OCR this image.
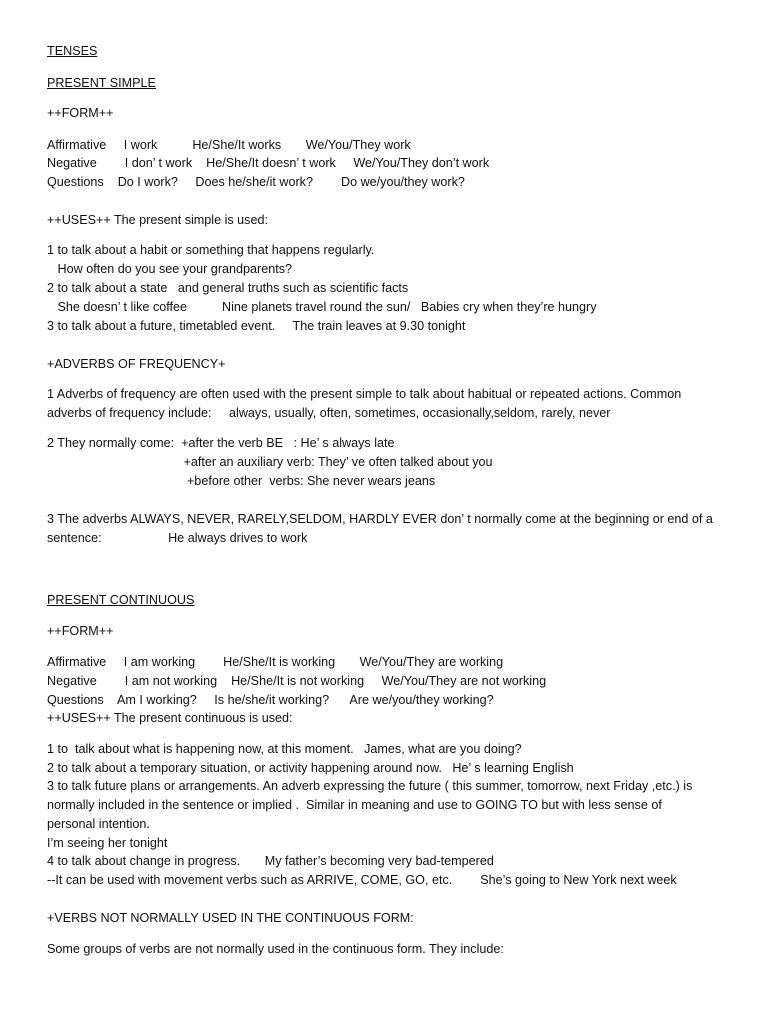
TENSES
PRESENT SIMPLE
++FORM++
Affirmative     I work          He/She/It works       We/You/They work
Negative        I don’ t work    He/She/It doesn’ t work     We/You/They don’t work
Questions    Do I work?     Does he/she/it work?        Do we/you/they work?
++USES++ The present simple is used:
1 to talk about a habit or something that happens regularly.
How often do you see your grandparents?
2 to talk about a state   and general truths such as scientific facts
She doesn’ t like coffee          Nine planets travel round the sun/   Babies cry when they’re hungry
3 to talk about a future, timetabled event.     The train leaves at 9.30 tonight
+ADVERBS OF FREQUENCY+
1 Adverbs of frequency are often used with the present simple to talk about habitual or repeated actions. Common
adverbs of frequency include:     always, usually, often, sometimes, occasionally,seldom, rarely, never
2 They normally come:  +after the verb BE   : He’ s always late
+after an auxiliary verb: They’ ve often talked about you
+before other  verbs: She never wears jeans
3 The adverbs ALWAYS, NEVER, RARELY,SELDOM, HARDLY EVER don’ t normally come at the beginning or end of a
sentence:                   He always drives to work
PRESENT CONTINUOUS
++FORM++
Affirmative     I am working        He/She/It is working       We/You/They are working
Negative        I am not working    He/She/It is not working     We/You/They are not working
Questions    Am I working?     Is he/she/it working?      Are we/you/they working?
++USES++ The present continuous is used:
1 to  talk about what is happening now, at this moment.   James, what are you doing?
2 to talk about a temporary situation, or activity happening around now.   He’ s learning English
3 to talk future plans or arrangements. An adverb expressing the future ( this summer, tomorrow, next Friday ,etc.) is
normally included in the sentence or implied .  Similar in meaning and use to GOING TO but with less sense of
personal intention.
I’m seeing her tonight
4 to talk about change in progress.       My father’s becoming very bad-tempered
--It can be used with movement verbs such as ARRIVE, COME, GO, etc.        She’s going to New York next week
+VERBS NOT NORMALLY USED IN THE CONTINUOUS FORM:
Some groups of verbs are not normally used in the continuous form. They include:
